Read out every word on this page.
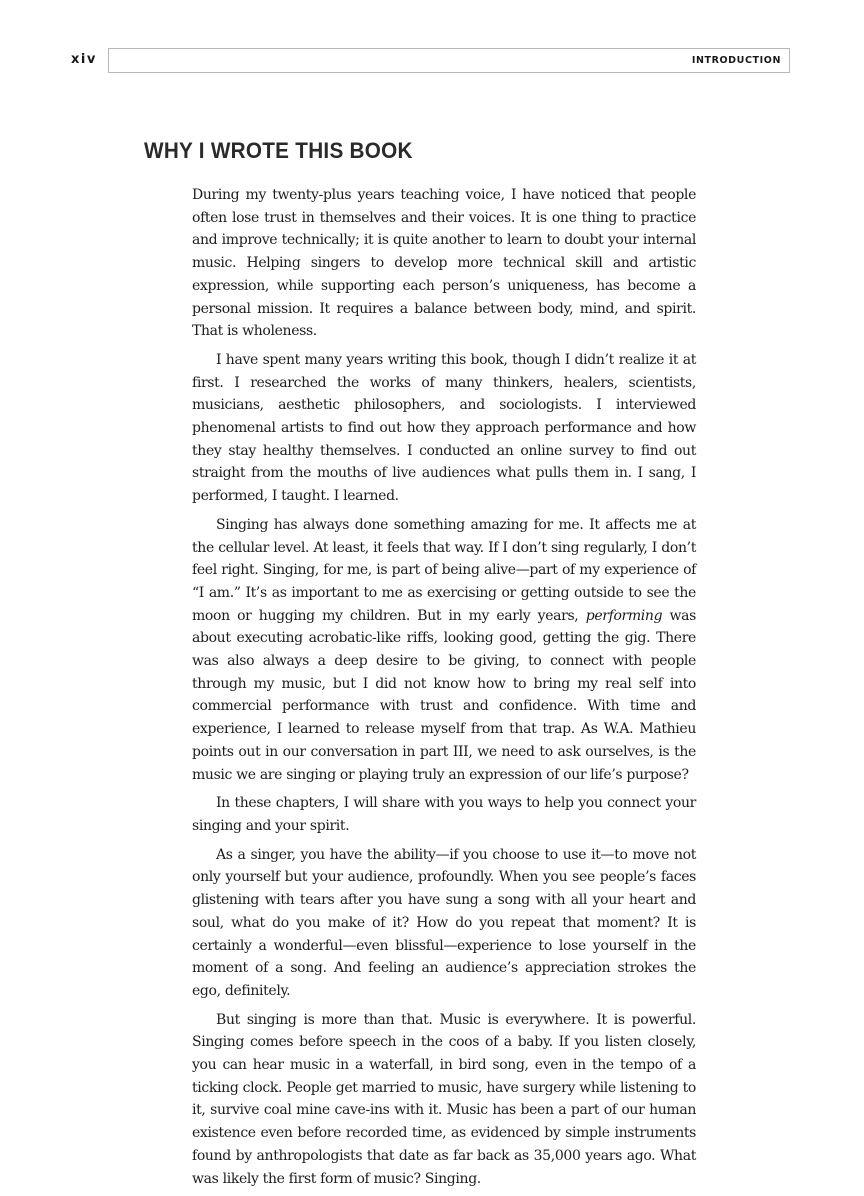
xiv	INTRODUCTION
WHY I WROTE THIS BOOK

During my twenty-plus years teaching voice, I have noticed that people often lose trust in themselves and their voices. It is one thing to practice and improve technically; it is quite another to learn to doubt your internal music. Helping singers to develop more technical skill and artistic expression, while supporting each person’s uniqueness, has become a personal mission. It requires a balance between body, mind, and spirit. That is wholeness.

I have spent many years writing this book, though I didn’t realize it at first. I researched the works of many thinkers, healers, scientists, musicians, aesthetic philosophers, and sociologists. I interviewed phenomenal artists to find out how they approach performance and how they stay healthy themselves. I conducted an online survey to find out straight from the mouths of live audiences what pulls them in. I sang, I performed, I taught. I learned.

Singing has always done something amazing for me. It affects me at the cellular level. At least, it feels that way. If I don’t sing regularly, I don’t feel right. Singing, for me, is part of being alive—part of my experience of “I am.” It’s as important to me as exercising or getting outside to see the moon or hugging my children. But in my early years, performing was about executing acrobatic-like riffs, looking good, getting the gig. There was also always a deep desire to be giving, to connect with people through my music, but I did not know how to bring my real self into commercial performance with trust and confidence. With time and experience, I learned to release myself from that trap. As W.A. Mathieu points out in our conversation in part III, we need to ask ourselves, is the music we are singing or playing truly an expression of our life’s purpose?

In these chapters, I will share with you ways to help you connect your singing and your spirit.

As a singer, you have the ability—if you choose to use it—to move not only yourself but your audience, profoundly. When you see people’s faces glistening with tears after you have sung a song with all your heart and soul, what do you make of it? How do you repeat that moment? It is certainly a wonderful—even blissful—experience to lose yourself in the moment of a song. And feeling an audience’s appreciation strokes the ego, definitely.

But singing is more than that. Music is everywhere. It is powerful. Singing comes before speech in the coos of a baby. If you listen closely, you can hear music in a waterfall, in bird song, even in the tempo of a ticking clock. People get married to music, have surgery while listening to it, survive coal mine cave-ins with it. Music has been a part of our human existence even before recorded time, as evidenced by simple instruments found by anthropologists that date as far back as 35,000 years ago. What was likely the first form of music? Singing.
